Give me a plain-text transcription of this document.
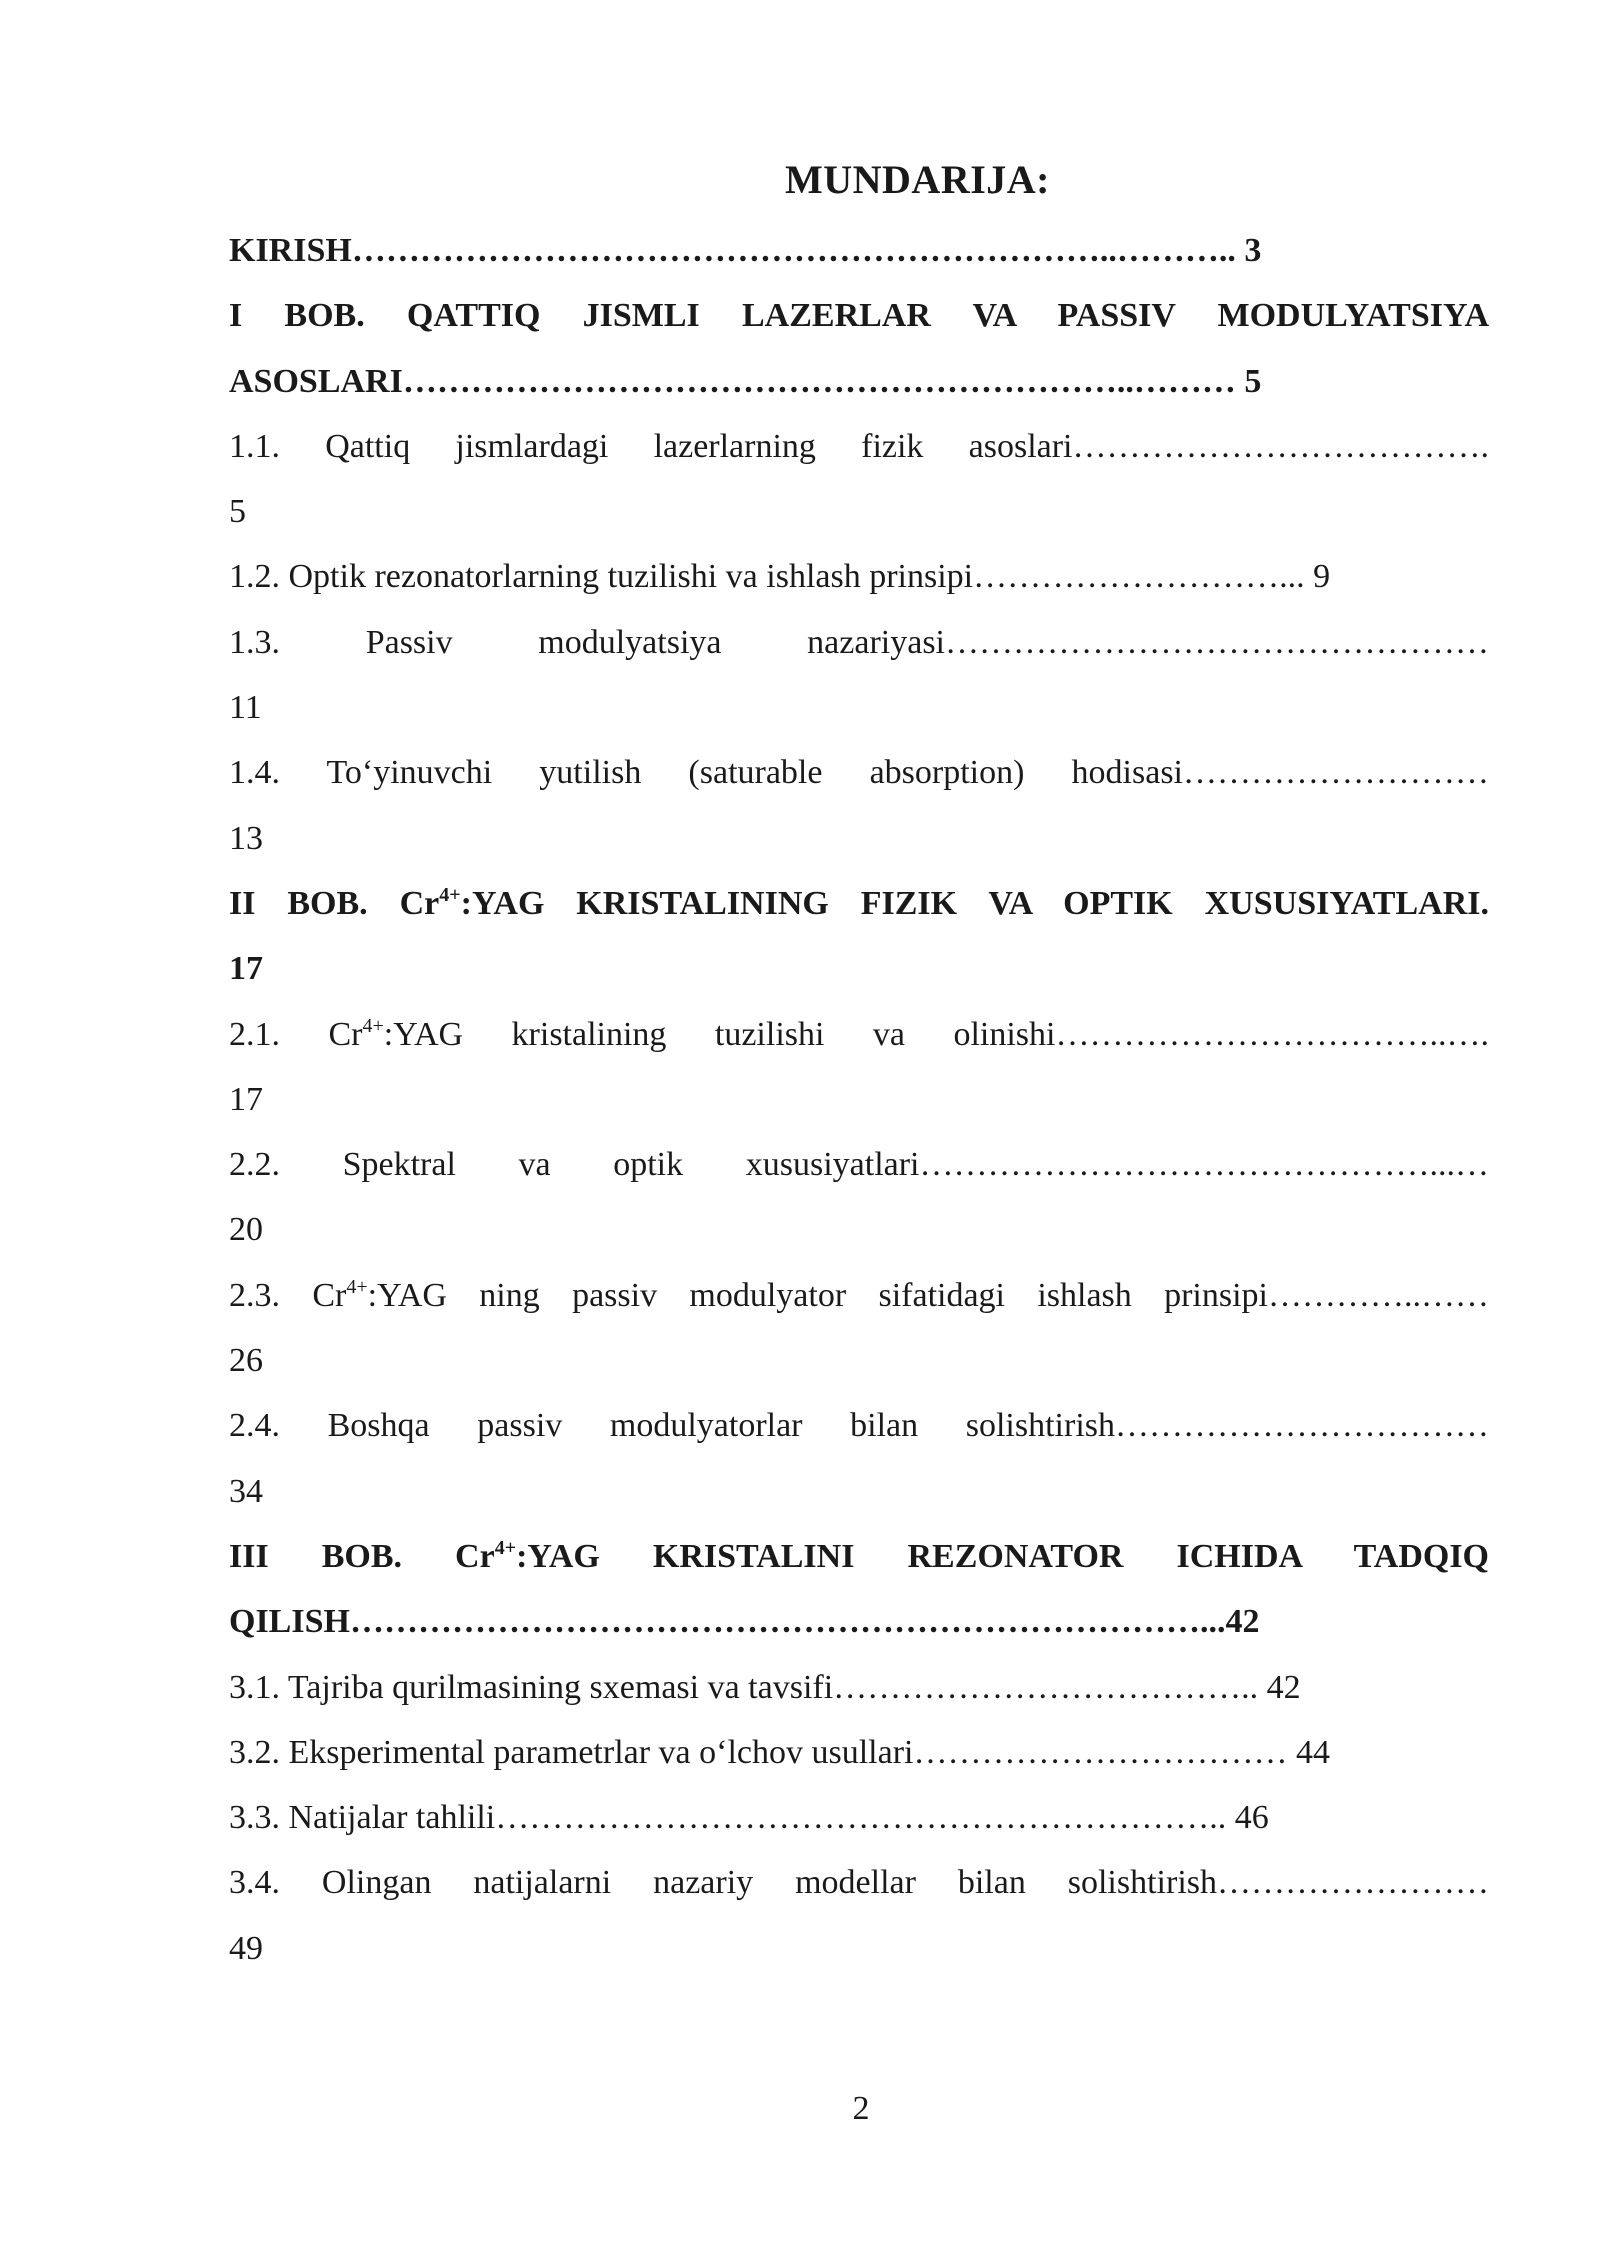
MUNDARIJA:
KIRISH…………………………………………………………..……….. 3
I BOB. QATTIQ JISMLI LAZERLAR VA PASSIV MODULYATSIYA
ASOSLARI………………………………………………………..……… 5
1.1. Qattiq jismlardagi lazerlarning fizik asoslari……………………………….
5
1.2. Optik rezonatorlarning tuzilishi va ishlash prinsipi………………………... 9
1.3. Passiv modulyatsiya nazariyasi…………………………………………
11
1.4. To‘yinuvchi yutilish (saturable absorption) hodisasi………………………
13
II BOB. $Cr^{4+}:YAG$ KRISTALINING FIZIK VA OPTIK XUSUSIYATLARI.
17
2.1. $Cr^{4+}:YAG$ kristalining tuzilishi va olinishi……………………………..….
17
2.2. Spektral va optik xususiyatlari………………………………………...…
20
2.3. $Cr^{4+}:YAG$ ning passiv modulyator sifatidagi ishlash prinsipi…………..……
26
2.4. Boshqa passiv modulyatorlar bilan solishtirish……………………………
34
III BOB. $Cr^{4+}:YAG$ KRISTALINI REZONATOR ICHIDA TADQIQ
QILISH…………………………………………………………………...42
3.1. Tajriba qurilmasining sxemasi va tavsifi……………………………….. 42
3.2. Eksperimental parametrlar va o‘lchov usullari…………………………… 44
3.3. Natijalar tahlili……………………………………………………….. 46
3.4. Olingan natijalarni nazariy modellar bilan solishtirish……………………
49
2
